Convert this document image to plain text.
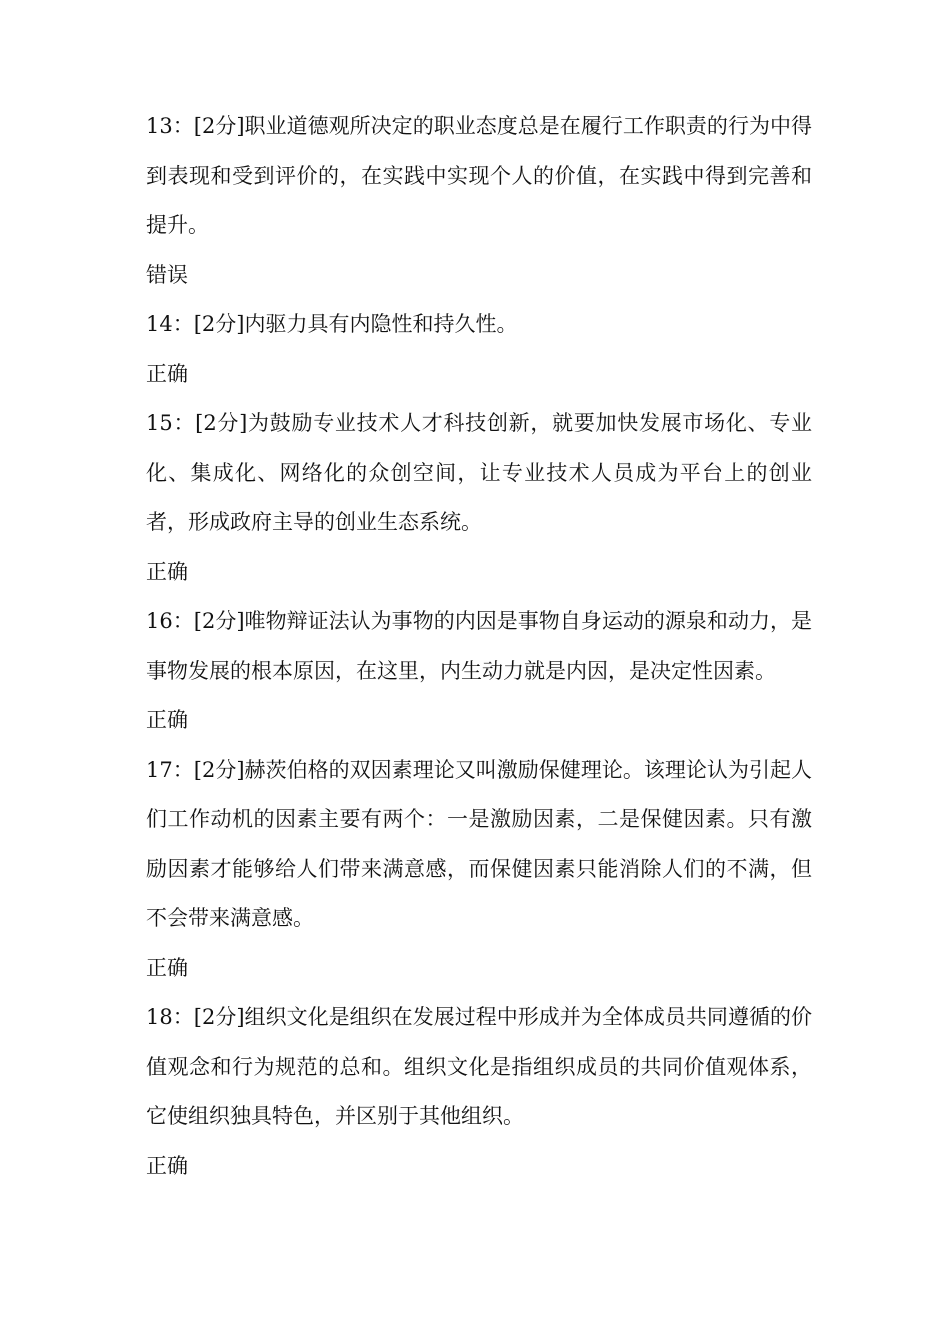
13：[2分]职业道德观所决定的职业态度总是在履行工作职责的行为中得到表现和受到评价的，在实践中实现个人的价值，在实践中得到完善和提升。

错误

14：[2分]内驱力具有内隐性和持久性。

正确

15：[2分]为鼓励专业技术人才科技创新，就要加快发展市场化、专业化、集成化、网络化的众创空间，让专业技术人员成为平台上的创业者，形成政府主导的创业生态系统。

正确

16：[2分]唯物辩证法认为事物的内因是事物自身运动的源泉和动力，是事物发展的根本原因，在这里，内生动力就是内因，是决定性因素。

正确

17：[2分]赫茨伯格的双因素理论又叫激励保健理论。该理论认为引起人们工作动机的因素主要有两个：一是激励因素，二是保健因素。只有激励因素才能够给人们带来满意感，而保健因素只能消除人们的不满，但不会带来满意感。

正确

18：[2分]组织文化是组织在发展过程中形成并为全体成员共同遵循的价值观念和行为规范的总和。组织文化是指组织成员的共同价值观体系，它使组织独具特色，并区别于其他组织。

正确
